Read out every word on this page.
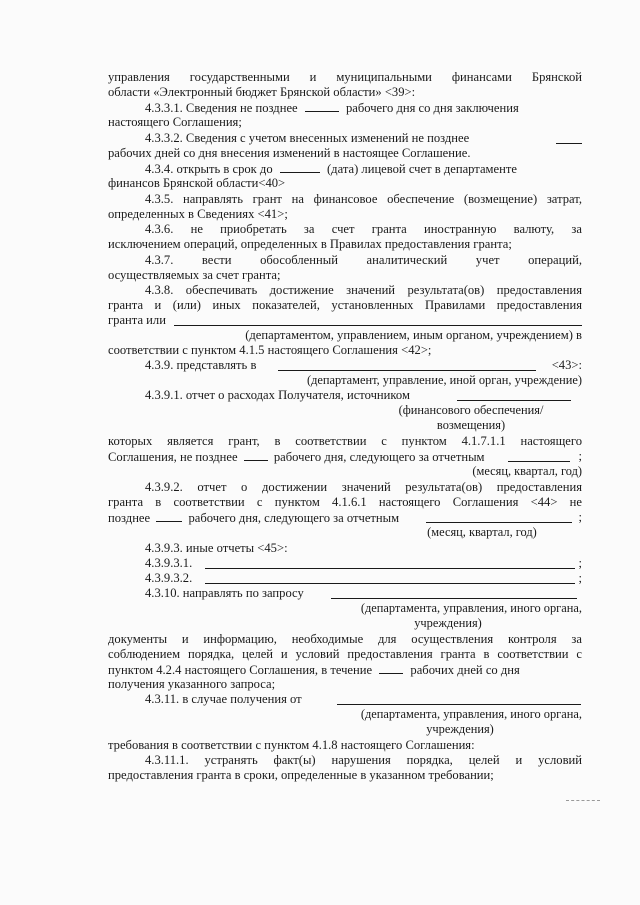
управления государственными и муниципальными финансами Брянской
области «Электронный бюджет Брянской области» <39>:
4.3.3.1. Сведения не позднее	рабочего дня со дня заключения
настоящего Соглашения;
4.3.3.2. Сведения с учетом внесенных изменений не позднее
рабочих дней со дня внесения изменений в настоящее Соглашение.
4.3.4. открыть в срок до	(дата) лицевой счет в департаменте
финансов Брянской области<40>
4.3.5. направлять грант на финансовое обеспечение (возмещение) затрат,
определенных в Сведениях <41>;
4.3.6. не приобретать за счет гранта иностранную валюту, за
исключением операций, определенных в Правилах предоставления гранта;
4.3.7. вести обособленный аналитический учет операций,
осуществляемых за счет гранта;
4.3.8. обеспечивать достижение значений результата(ов) предоставления
гранта и (или) иных показателей, установленных Правилами предоставления
гранта или
(департаментом, управлением, иным органом, учреждением) в
соответствии с пунктом 4.1.5 настоящего Соглашения <42>;
4.3.9. представлять в	<43>:
(департамент, управление, иной орган, учреждение)
4.3.9.1. отчет о расходах Получателя, источником
(финансового обеспечения/
возмещения)
которых является грант, в соответствии с пунктом 4.1.7.1.1 настоящего
Соглашения, не позднее	рабочего дня, следующего за отчетным	;
(месяц, квартал, год)
4.3.9.2. отчет о достижении значений результата(ов) предоставления
гранта в соответствии с пунктом 4.1.6.1 настоящего Соглашения <44> не
позднее	рабочего дня, следующего за отчетным	;
(месяц, квартал, год)
4.3.9.3. иные отчеты <45>:
4.3.9.3.1.	;
4.3.9.3.2.	;
4.3.10. направлять по запросу
(департамента, управления, иного органа,
учреждения)
документы и информацию, необходимые для осуществления контроля за
соблюдением порядка, целей и условий предоставления гранта в соответствии с
пунктом 4.2.4 настоящего Соглашения, в течение	рабочих дней со дня
получения указанного запроса;
4.3.11. в случае получения от
(департамента, управления, иного органа,
учреждения)
требования в соответствии с пунктом 4.1.8 настоящего Соглашения:
4.3.11.1. устранять факт(ы) нарушения порядка, целей и условий
предоставления гранта в сроки, определенные в указанном требовании;
